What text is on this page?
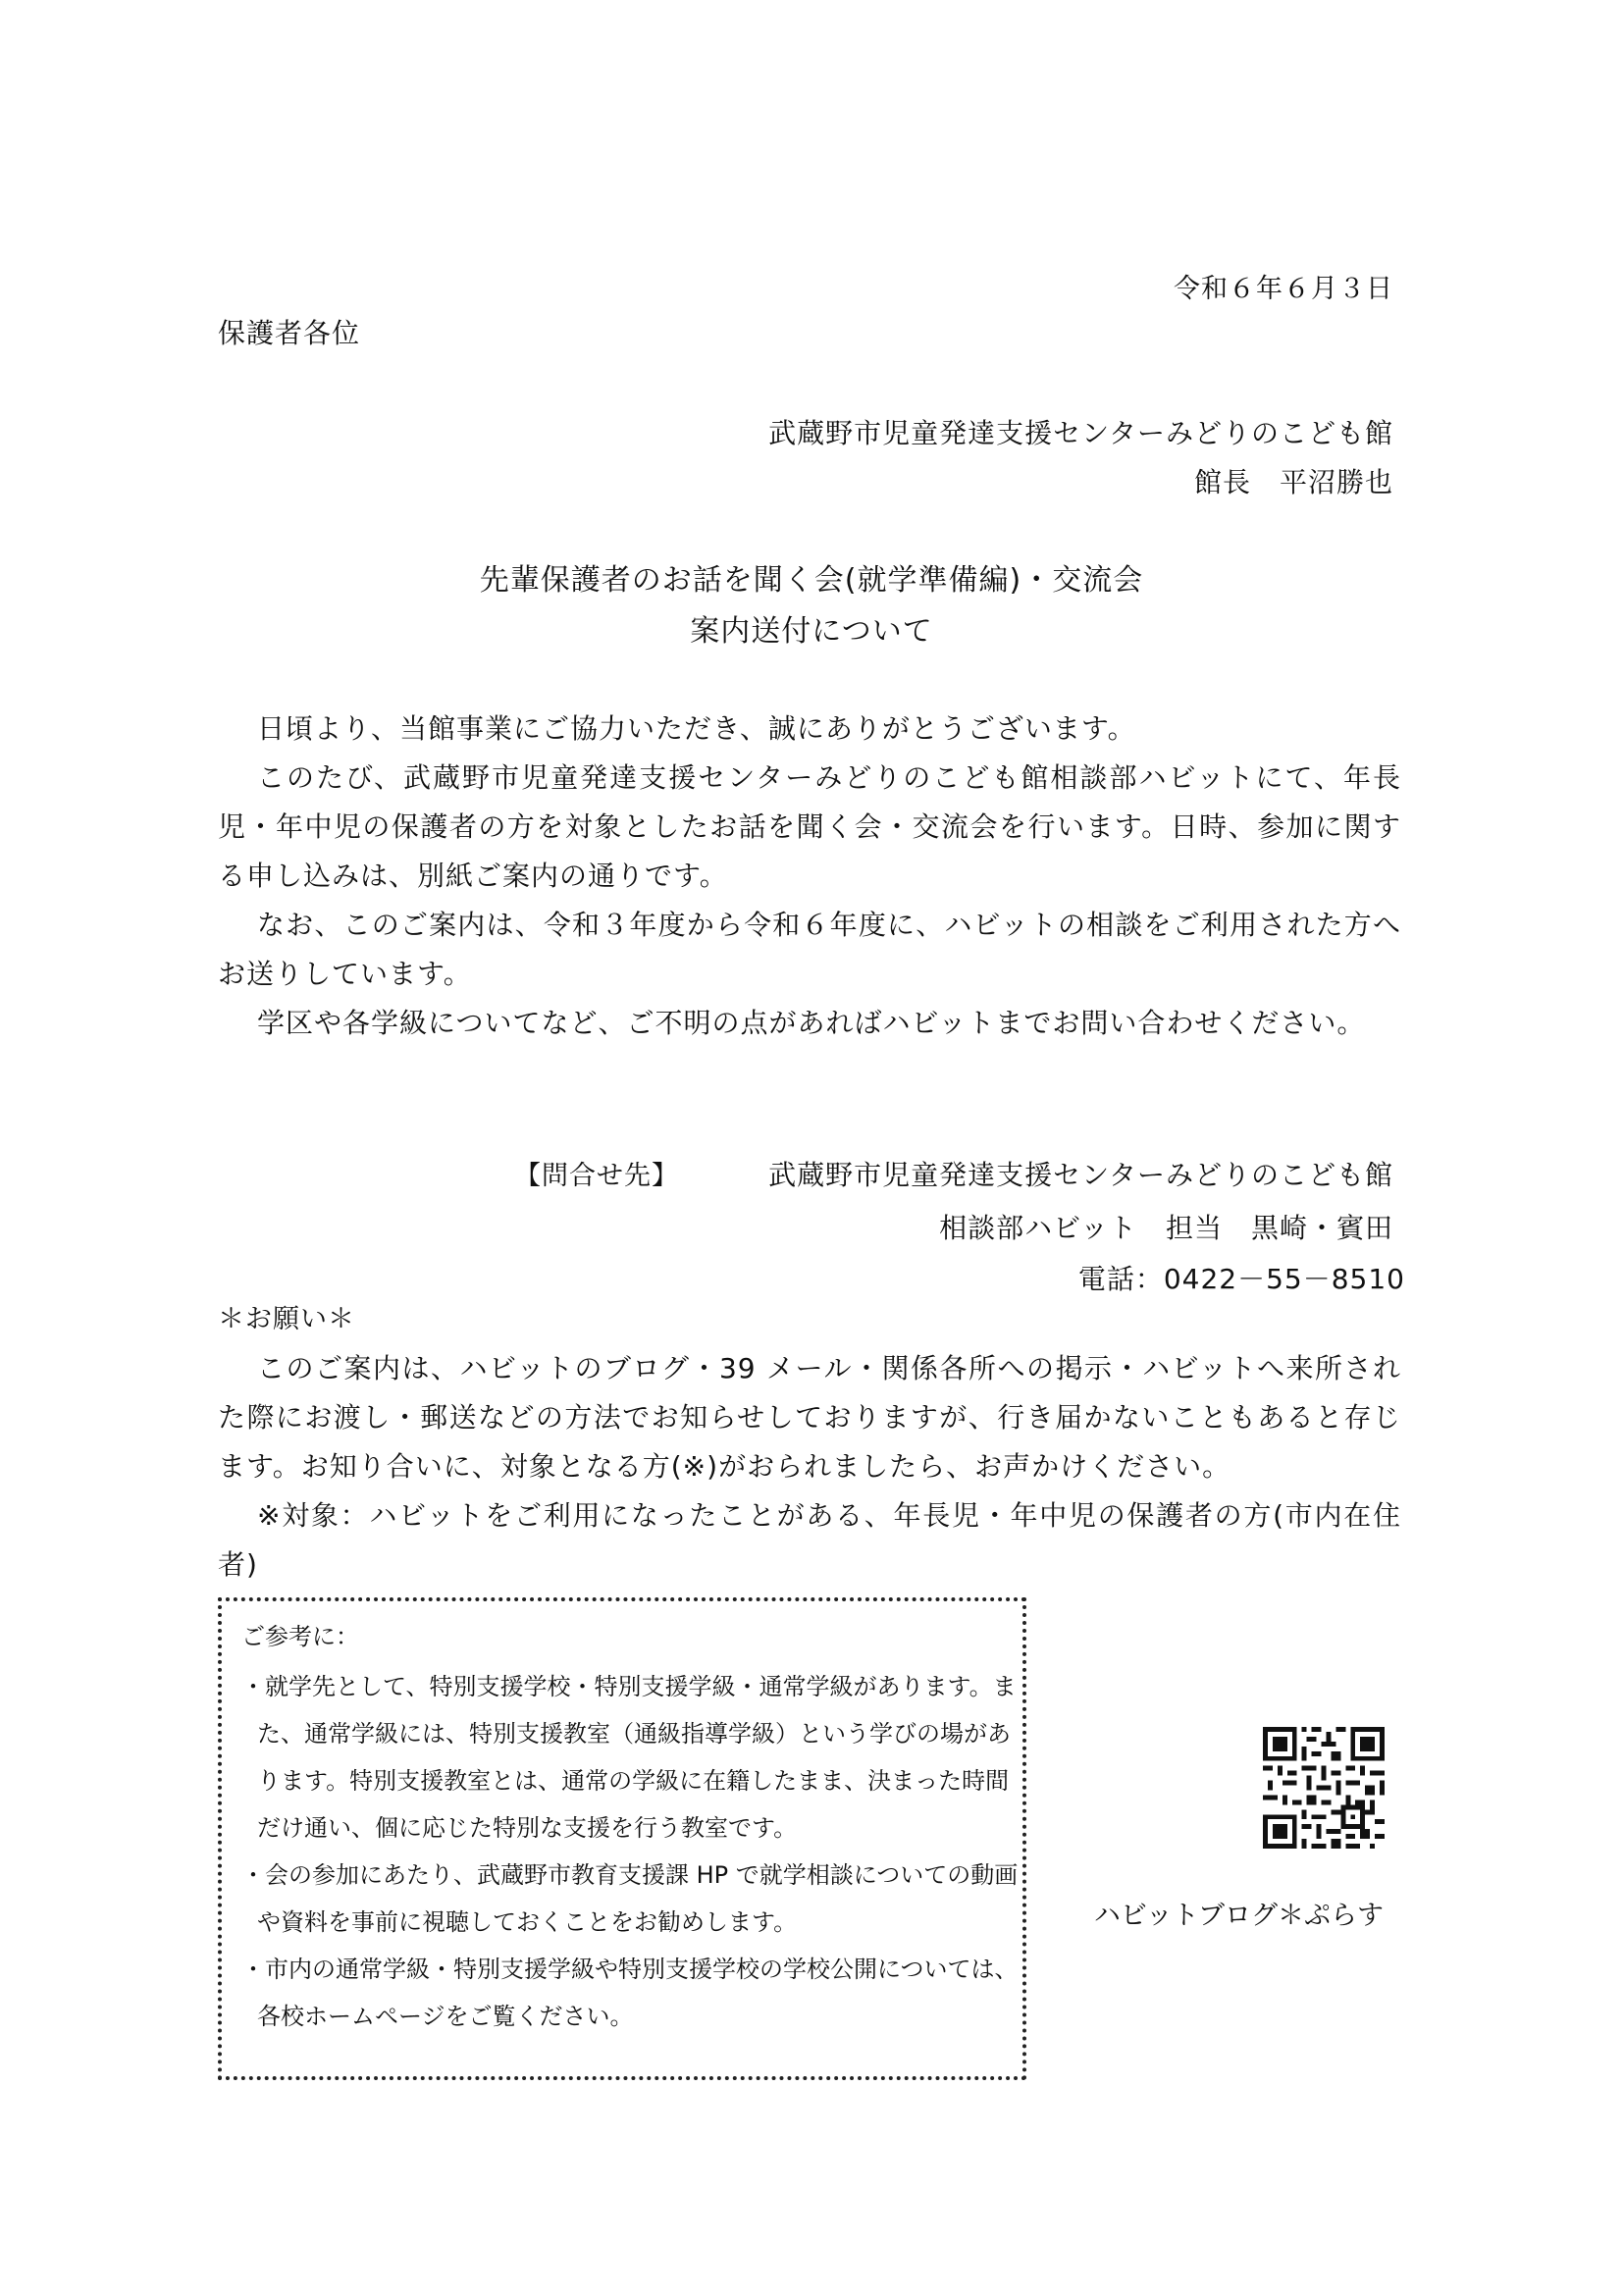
令和６年６月３日
保護者各位
武蔵野市児童発達支援センターみどりのこども館
館長　平沼勝也
先輩保護者のお話を聞く会(就学準備編)・交流会
案内送付について
日頃より、当館事業にご協力いただき、誠にありがとうございます。
このたび、武蔵野市児童発達支援センターみどりのこども館相談部ハビットにて、年長児・年中児の保護者の方を対象としたお話を聞く会・交流会を行います。日時、参加に関する申し込みは、別紙ご案内の通りです。
なお、このご案内は、令和３年度から令和６年度に、ハビットの相談をご利用された方へお送りしています。
学区や各学級についてなど、ご不明の点があればハビットまでお問い合わせください。
【問合せ先】	武蔵野市児童発達支援センターみどりのこども館
相談部ハビット　担当　黒崎・賓田
電話：0422－55－8510
＊お願い＊
このご案内は、ハビットのブログ・39 メール・関係各所への掲示・ハビットへ来所された際にお渡し・郵送などの方法でお知らせしておりますが、行き届かないこともあると存じます。お知り合いに、対象となる方(※)がおられましたら、お声かけください。
※対象：ハビットをご利用になったことがある、年長児・年中児の保護者の方(市内在住者)
ご参考に：
・就学先として、特別支援学校・特別支援学級・通常学級があります。また、通常学級には、特別支援教室（通級指導学級）という学びの場があります。特別支援教室とは、通常の学級に在籍したまま、決まった時間だけ通い、個に応じた特別な支援を行う教室です。
・会の参加にあたり、武蔵野市教育支援課 HP で就学相談についての動画や資料を事前に視聴しておくことをお勧めします。
・市内の通常学級・特別支援学級や特別支援学校の学校公開については、各校ホームページをご覧ください。
ハビットブログ＊ぷらす
